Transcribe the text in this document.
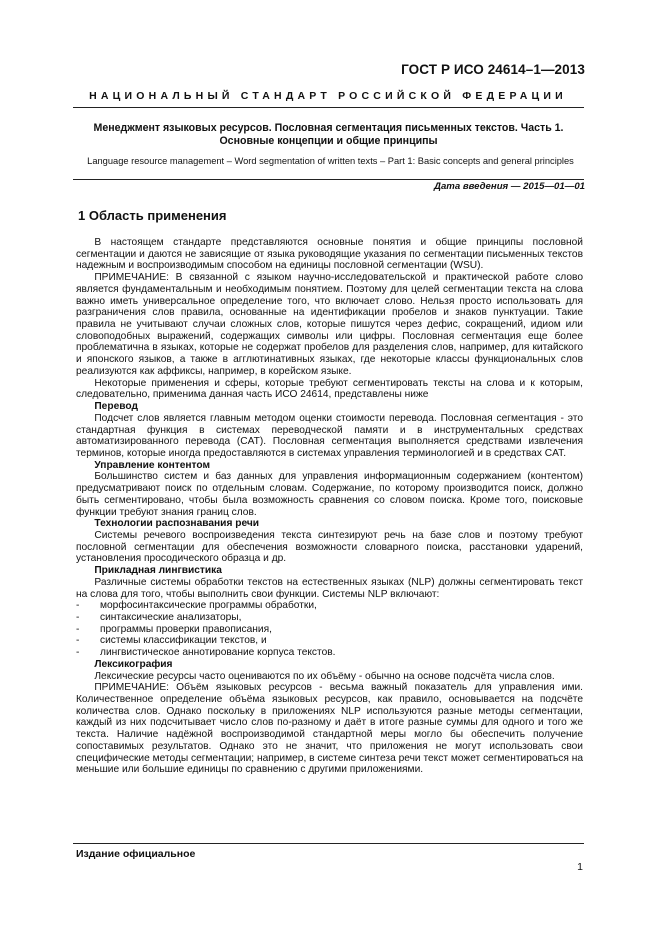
ГОСТ Р ИСО 24614–1—2013
НАЦИОНАЛЬНЫЙ СТАНДАРТ РОССИЙСКОЙ ФЕДЕРАЦИИ
Менеджмент языковых ресурсов. Пословная сегментация письменных текстов. Часть 1.
Основные концепции и общие принципы
Language resource management – Word segmentation of written texts – Part 1: Basic concepts and general principles
Дата введения — 2015—01—01
1 Область применения

В настоящем стандарте представляются основные понятия и общие принципы пословной сегментации и даются не зависящие от языка руководящие указания по сегментации письменных текстов надежным и воспроизводимым способом на единицы пословной сегментации (WSU).

ПРИМЕЧАНИЕ: В связанной с языком научно-исследовательской и практической работе слово является фундаментальным и необходимым понятием. Поэтому для целей сегментации текста на слова важно иметь универсальное определение того, что включает слово. Нельзя просто использовать для разграничения слов правила, основанные на идентификации пробелов и знаков пунктуации. Такие правила не учитывают случаи сложных слов, которые пишутся через дефис, сокращений, идиом или словоподобных выражений, содержащих символы или цифры. Пословная сегментация еще более проблематична в языках, которые не содержат пробелов для разделения слов, например, для китайского и японского языков, а также в агглютинативных языках, где некоторые классы функциональных слов реализуются как аффиксы, например, в корейском языке.

Некоторые применения и сферы, которые требуют сегментировать тексты на слова и к которым, следовательно, применима данная часть ИСО 24614, представлены ниже

Перевод

Подсчет слов является главным методом оценки стоимости перевода. Пословная сегментация - это стандартная функция в системах переводческой памяти и в инструментальных средствах автоматизированного перевода (CAT). Пословная сегментация выполняется средствами извлечения терминов, которые иногда предоставляются в системах управления терминологией и в средствах CAT.

Управление контентом

Большинство систем и баз данных для управления информационным содержанием (контентом) предусматривают поиск по отдельным словам. Содержание, по которому производится поиск, должно быть сегментировано, чтобы была возможность сравнения со словом поиска. Кроме того, поисковые функции требуют знания границ слов.

Технологии распознавания речи

Системы речевого воспроизведения текста синтезируют речь на базе слов и поэтому требуют пословной сегментации для обеспечения возможности словарного поиска, расстановки ударений, установления просодического образца и др.

Прикладная лингвистика

Различные системы обработки текстов на естественных языках (NLP) должны сегментировать текст на слова для того, чтобы выполнить свои функции. Системы NLP включают:

- морфосинтаксические программы обработки,
- синтаксические анализаторы,
- программы проверки правописания,
- системы классификации текстов, и
- лингвистическое аннотирование корпуса текстов.

Лексикография

Лексические ресурсы часто оцениваются по их объёму - обычно на основе подсчёта числа слов.

ПРИМЕЧАНИЕ: Объём языковых ресурсов - весьма важный показатель для управления ими. Количественное определение объёма языковых ресурсов, как правило, основывается на подсчёте количества слов. Однако поскольку в приложениях NLP используются разные методы сегментации, каждый из них подсчитывает число слов по-разному и даёт в итоге разные суммы для одного и того же текста. Наличие надёжной воспроизводимой стандартной меры могло бы обеспечить получение сопоставимых результатов. Однако это не значит, что приложения не могут использовать свои специфические методы сегментации; например, в системе синтеза речи текст может сегментироваться на меньшие или большие единицы по сравнению с другими приложениями.

Издание официальное
1
